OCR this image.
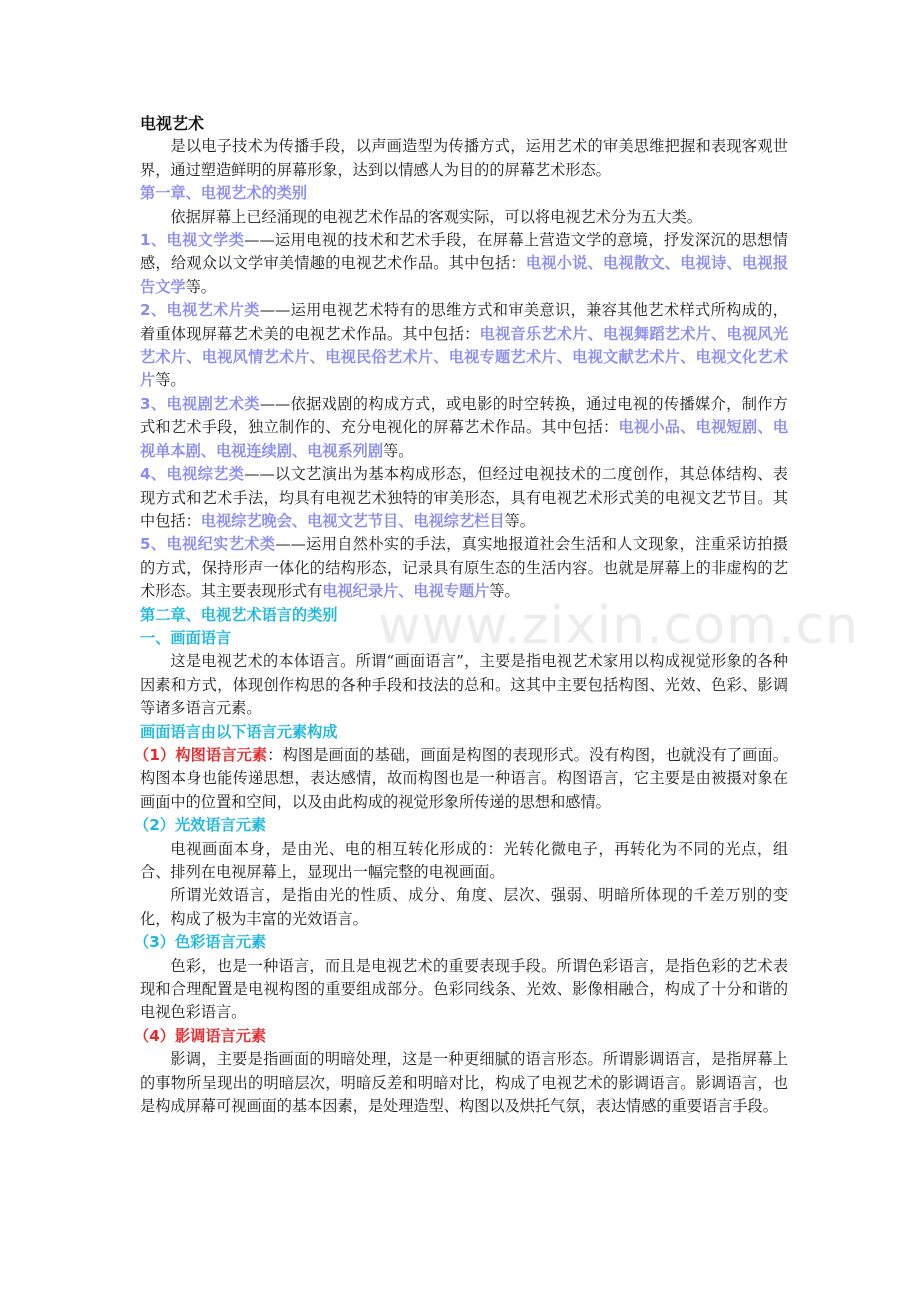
电视艺术
是以电子技术为传播手段，以声画造型为传播方式，运用艺术的审美思维把握和表现客观世界，通过塑造鲜明的屏幕形象，达到以情感人为目的的屏幕艺术形态。
第一章、电视艺术的类别
依据屏幕上已经涌现的电视艺术作品的客观实际，可以将电视艺术分为五大类。
1、电视文学类——运用电视的技术和艺术手段，在屏幕上营造文学的意境，抒发深沉的思想情感，给观众以文学审美情趣的电视艺术作品。其中包括：电视小说、电视散文、电视诗、电视报告文学等。
2、电视艺术片类——运用电视艺术特有的思维方式和审美意识，兼容其他艺术样式所构成的，着重体现屏幕艺术美的电视艺术作品。其中包括：电视音乐艺术片、电视舞蹈艺术片、电视风光艺术片、电视风情艺术片、电视民俗艺术片、电视专题艺术片、电视文献艺术片、电视文化艺术片等。
3、电视剧艺术类——依据戏剧的构成方式，或电影的时空转换，通过电视的传播媒介，制作方式和艺术手段，独立制作的、充分电视化的屏幕艺术作品。其中包括：电视小品、电视短剧、电视单本剧、电视连续剧、电视系列剧等。
4、电视综艺类——以文艺演出为基本构成形态，但经过电视技术的二度创作，其总体结构、表现方式和艺术手法，均具有电视艺术独特的审美形态，具有电视艺术形式美的电视文艺节目。其中包括：电视综艺晚会、电视文艺节目、电视综艺栏目等。
5、电视纪实艺术类——运用自然朴实的手法，真实地报道社会生活和人文现象，注重采访拍摄的方式，保持形声一体化的结构形态，记录具有原生态的生活内容。也就是屏幕上的非虚构的艺术形态。其主要表现形式有电视纪录片、电视专题片等。
第二章、电视艺术语言的类别
一、画面语言
这是电视艺术的本体语言。所谓“画面语言”，主要是指电视艺术家用以构成视觉形象的各种因素和方式，体现创作构思的各种手段和技法的总和。这其中主要包括构图、光效、色彩、影调等诸多语言元素。
画面语言由以下语言元素构成
（1）构图语言元素：构图是画面的基础，画面是构图的表现形式。没有构图，也就没有了画面。构图本身也能传递思想，表达感情，故而构图也是一种语言。构图语言，它主要是由被摄对象在画面中的位置和空间，以及由此构成的视觉形象所传递的思想和感情。
（2）光效语言元素
电视画面本身，是由光、电的相互转化形成的：光转化微电子，再转化为不同的光点，组合、排列在电视屏幕上，显现出一幅完整的电视画面。
所谓光效语言，是指由光的性质、成分、角度、层次、强弱、明暗所体现的千差万别的变化，构成了极为丰富的光效语言。
（3）色彩语言元素
色彩，也是一种语言，而且是电视艺术的重要表现手段。所谓色彩语言，是指色彩的艺术表现和合理配置是电视构图的重要组成部分。色彩同线条、光效、影像相融合，构成了十分和谐的电视色彩语言。
（4）影调语言元素
影调，主要是指画面的明暗处理，这是一种更细腻的语言形态。所谓影调语言，是指屏幕上的事物所呈现出的明暗层次，明暗反差和明暗对比，构成了电视艺术的影调语言。影调语言，也是构成屏幕可视画面的基本因素，是处理造型、构图以及烘托气氛，表达情感的重要语言手段。
www.zixin.com.cn
